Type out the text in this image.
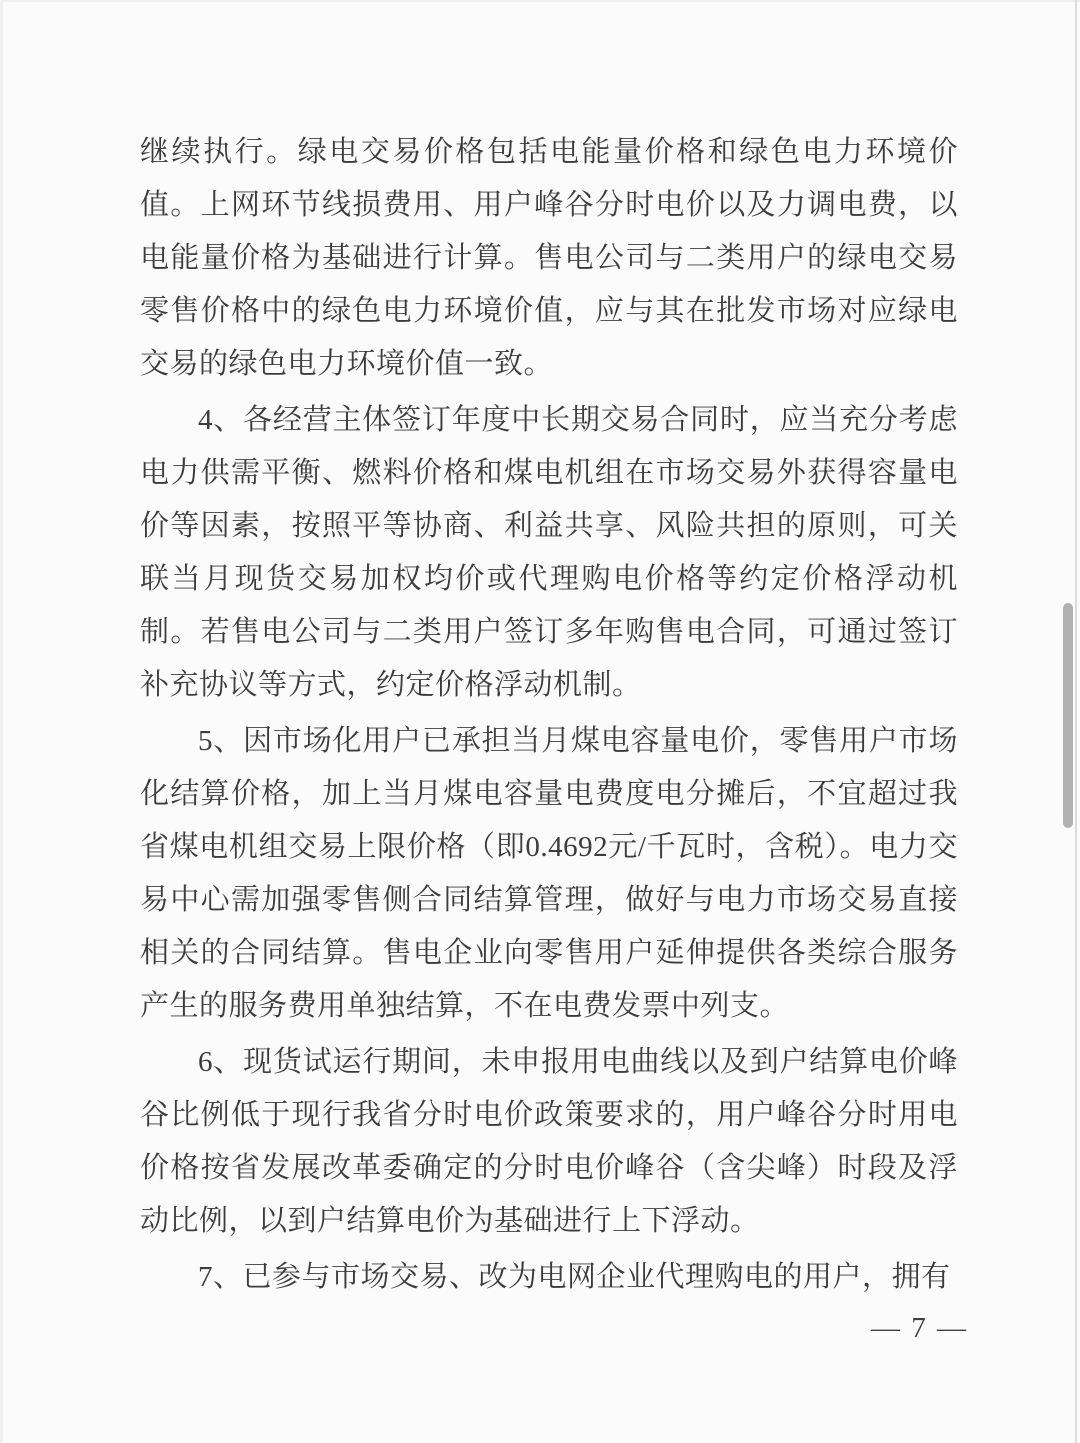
继续执行。绿电交易价格包括电能量价格和绿色电力环境价值。上网环节线损费用、用户峰谷分时电价以及力调电费，以电能量价格为基础进行计算。售电公司与二类用户的绿电交易零售价格中的绿色电力环境价值，应与其在批发市场对应绿电交易的绿色电力环境价值一致。

4、各经营主体签订年度中长期交易合同时，应当充分考虑电力供需平衡、燃料价格和煤电机组在市场交易外获得容量电价等因素，按照平等协商、利益共享、风险共担的原则，可关联当月现货交易加权均价或代理购电价格等约定价格浮动机制。若售电公司与二类用户签订多年购售电合同，可通过签订补充协议等方式，约定价格浮动机制。

5、因市场化用户已承担当月煤电容量电价，零售用户市场化结算价格，加上当月煤电容量电费度电分摊后，不宜超过我省煤电机组交易上限价格（即0.4692元/千瓦时，含税）。电力交易中心需加强零售侧合同结算管理，做好与电力市场交易直接相关的合同结算。售电企业向零售用户延伸提供各类综合服务产生的服务费用单独结算，不在电费发票中列支。

6、现货试运行期间，未申报用电曲线以及到户结算电价峰谷比例低于现行我省分时电价政策要求的，用户峰谷分时用电价格按省发展改革委确定的分时电价峰谷（含尖峰）时段及浮动比例，以到户结算电价为基础进行上下浮动。

7、已参与市场交易、改为电网企业代理购电的用户，拥有

— 7 —
